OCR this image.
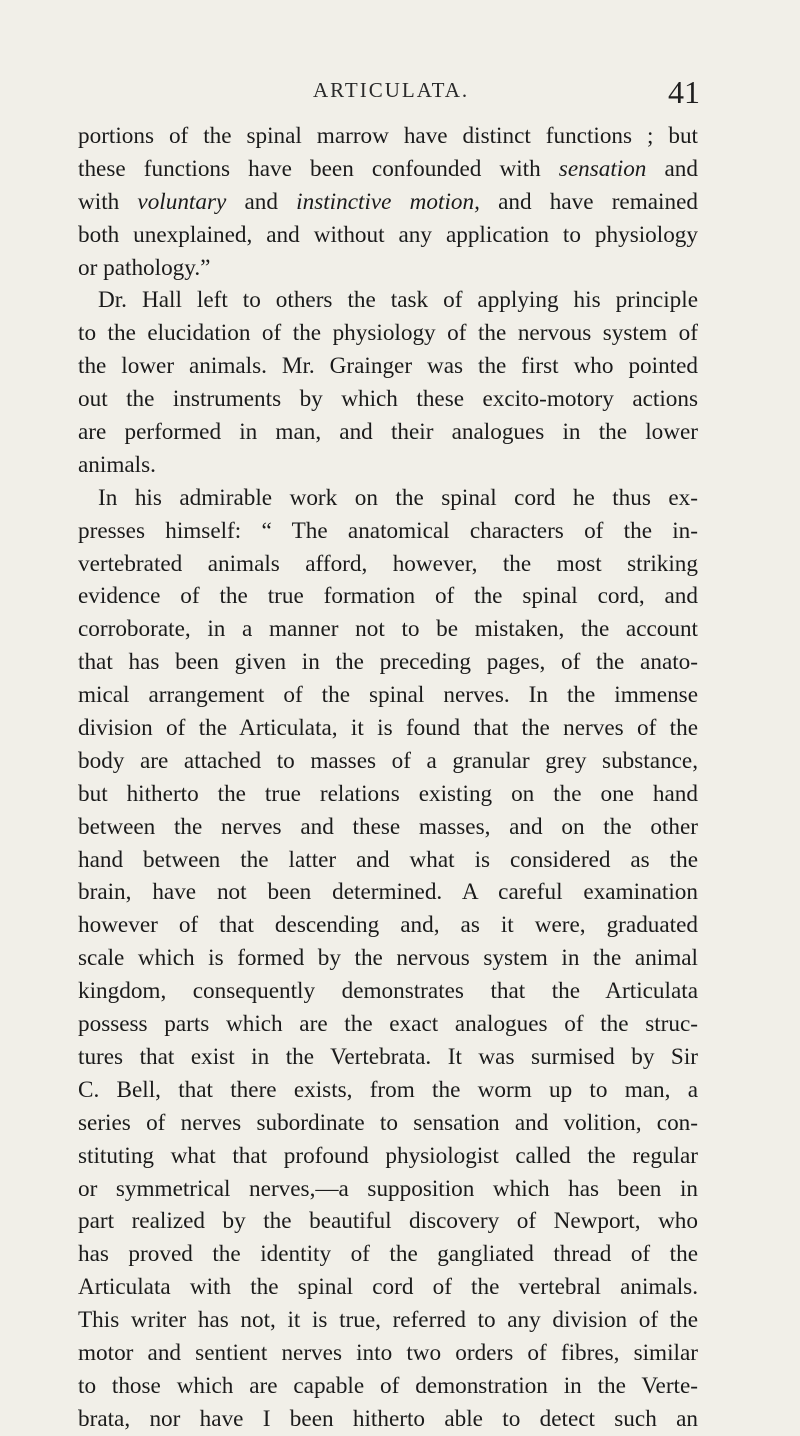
ARTICULATA.	41
portions of the spinal marrow have distinct functions ; but
these functions have been confounded with sensation and
with voluntary and instinctive motion, and have remained
both unexplained, and without any application to physiology
or pathology.”
Dr. Hall left to others the task of applying his principle
to the elucidation of the physiology of the nervous system of
the lower animals. Mr. Grainger was the first who pointed
out the instruments by which these excito-motory actions
are performed in man, and their analogues in the lower
animals.
In his admirable work on the spinal cord he thus ex-
presses himself: “ The anatomical characters of the in-
vertebrated animals afford, however, the most striking
evidence of the true formation of the spinal cord, and
corroborate, in a manner not to be mistaken, the account
that has been given in the preceding pages, of the anato-
mical arrangement of the spinal nerves. In the immense
division of the Articulata, it is found that the nerves of the
body are attached to masses of a granular grey substance,
but hitherto the true relations existing on the one hand
between the nerves and these masses, and on the other
hand between the latter and what is considered as the
brain, have not been determined. A careful examination
however of that descending and, as it were, graduated
scale which is formed by the nervous system in the animal
kingdom, consequently demonstrates that the Articulata
possess parts which are the exact analogues of the struc-
tures that exist in the Vertebrata. It was surmised by Sir
C. Bell, that there exists, from the worm up to man, a
series of nerves subordinate to sensation and volition, con-
stituting what that profound physiologist called the regular
or symmetrical nerves,—a supposition which has been in
part realized by the beautiful discovery of Newport, who
has proved the identity of the gangliated thread of the
Articulata with the spinal cord of the vertebral animals.
This writer has not, it is true, referred to any division of the
motor and sentient nerves into two orders of fibres, similar
to those which are capable of demonstration in the Verte-
brata, nor have I been hitherto able to detect such an
